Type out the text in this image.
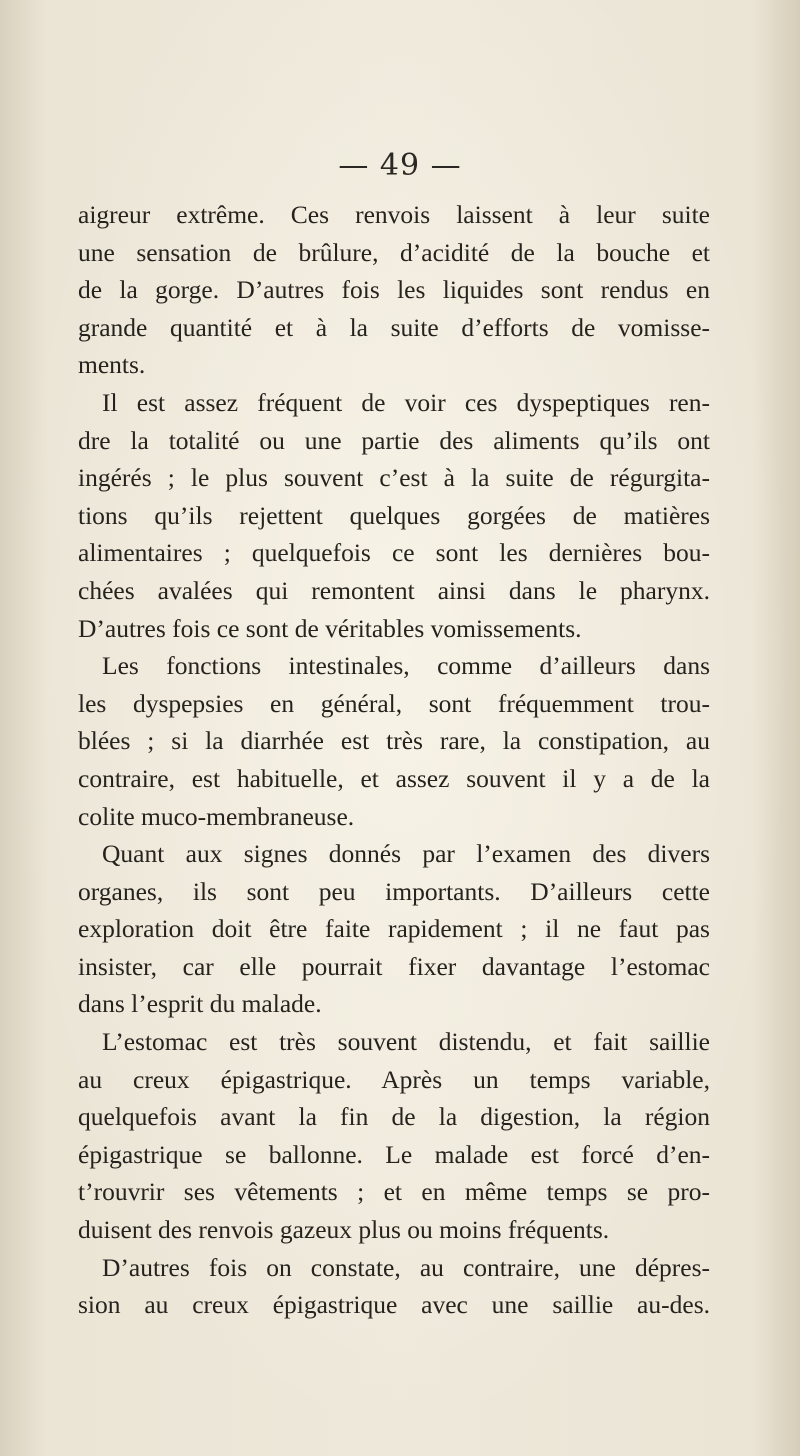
— 49 —
aigreur extrême. Ces renvois laissent à leur suite
une sensation de brûlure, d’acidité de la bouche et
de la gorge. D’autres fois les liquides sont rendus en
grande quantité et à la suite d’efforts de vomisse-
ments.
Il est assez fréquent de voir ces dyspeptiques ren-
dre la totalité ou une partie des aliments qu’ils ont
ingérés ; le plus souvent c’est à la suite de régurgita-
tions qu’ils rejettent quelques gorgées de matières
alimentaires ; quelquefois ce sont les dernières bou-
chées avalées qui remontent ainsi dans le pharynx.
D’autres fois ce sont de véritables vomissements.
Les fonctions intestinales, comme d’ailleurs dans
les dyspepsies en général, sont fréquemment trou-
blées ; si la diarrhée est très rare, la constipation, au
contraire, est habituelle, et assez souvent il y a de la
colite muco-membraneuse.
Quant aux signes donnés par l’examen des divers
organes, ils sont peu importants. D’ailleurs cette
exploration doit être faite rapidement ; il ne faut pas
insister, car elle pourrait fixer davantage l’estomac
dans l’esprit du malade.
L’estomac est très souvent distendu, et fait saillie
au creux épigastrique. Après un temps variable,
quelquefois avant la fin de la digestion, la région
épigastrique se ballonne. Le malade est forcé d’en-
t’rouvrir ses vêtements ; et en même temps se pro-
duisent des renvois gazeux plus ou moins fréquents.
D’autres fois on constate, au contraire, une dépres-
sion au creux épigastrique avec une saillie au-des.
